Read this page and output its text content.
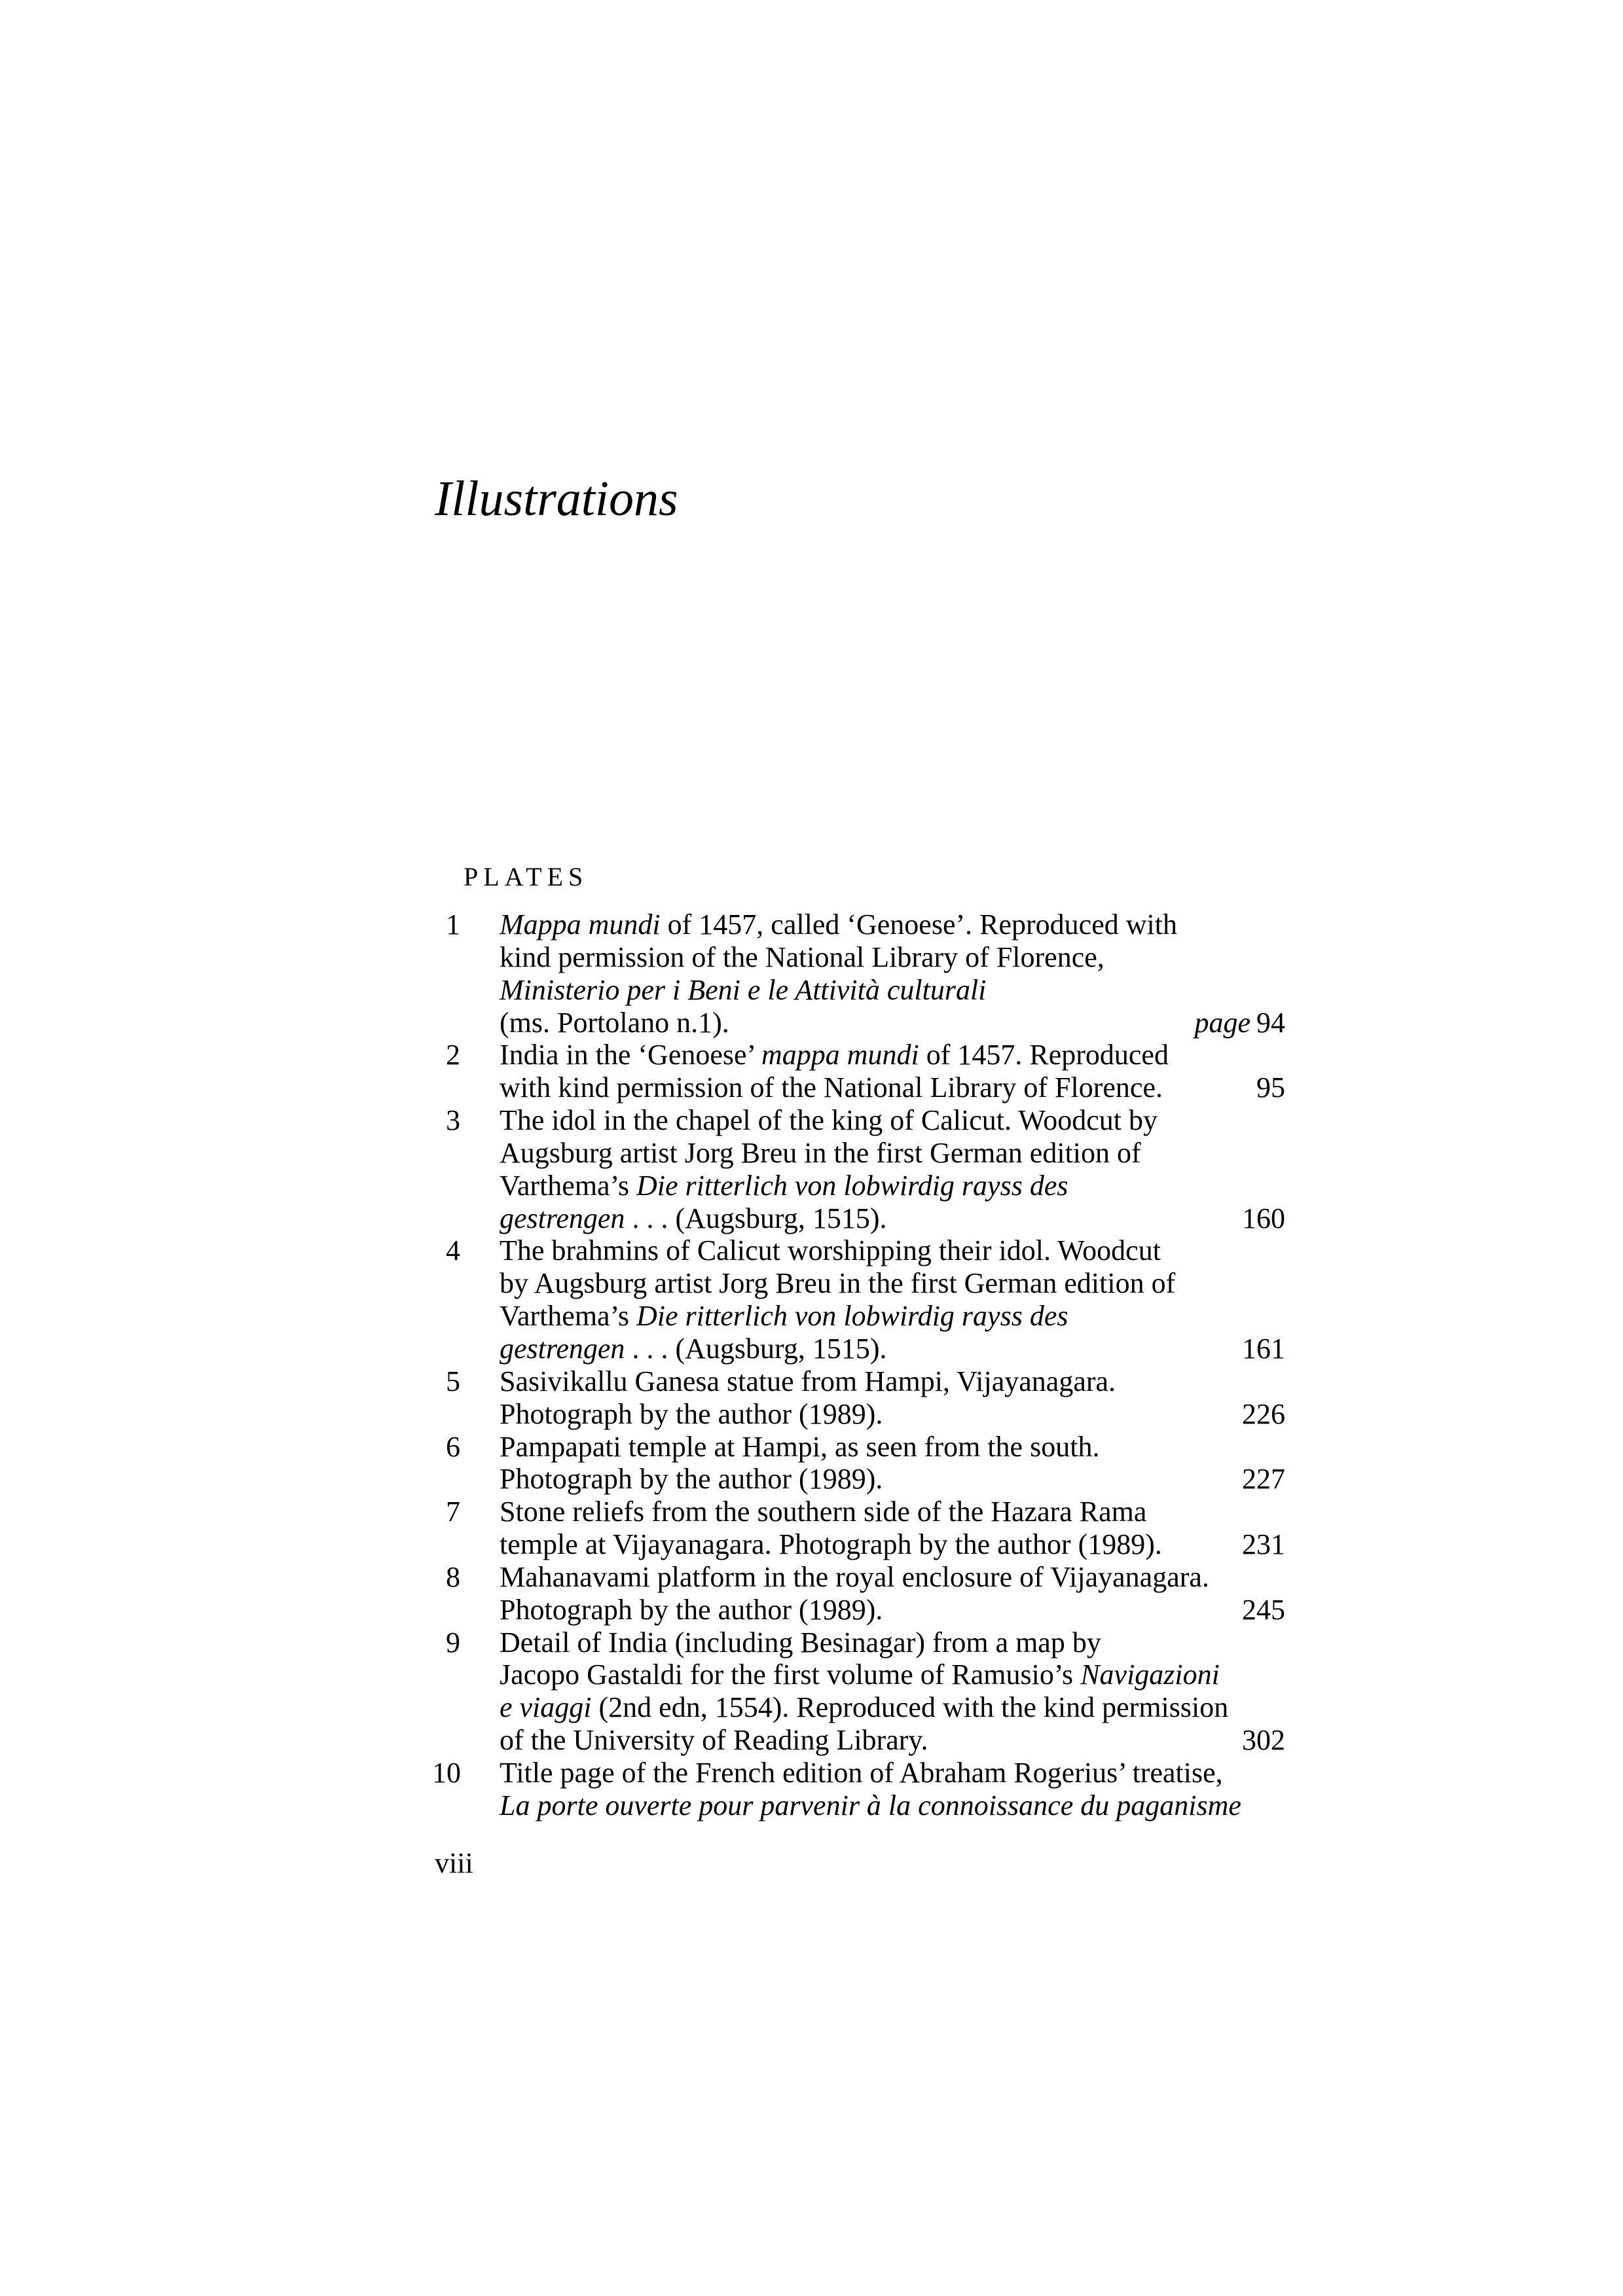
Illustrations
PLATES
1 Mappa mundi of 1457, called ‘Genoese’. Reproduced with
kind permission of the National Library of Florence,
Ministerio per i Beni e le Attività culturali
(ms. Portolano n.1).	page 94
2 India in the ‘Genoese’ mappa mundi of 1457. Reproduced
with kind permission of the National Library of Florence.	95
3 The idol in the chapel of the king of Calicut. Woodcut by
Augsburg artist Jorg Breu in the first German edition of
Varthema’s Die ritterlich von lobwirdig rayss des
gestrengen . . . (Augsburg, 1515).	160
4 The brahmins of Calicut worshipping their idol. Woodcut
by Augsburg artist Jorg Breu in the first German edition of
Varthema’s Die ritterlich von lobwirdig rayss des
gestrengen . . . (Augsburg, 1515).	161
5 Sasivikallu Ganesa statue from Hampi, Vijayanagara.
Photograph by the author (1989).	226
6 Pampapati temple at Hampi, as seen from the south.
Photograph by the author (1989).	227
7 Stone reliefs from the southern side of the Hazara Rama
temple at Vijayanagara. Photograph by the author (1989).	231
8 Mahanavami platform in the royal enclosure of Vijayanagara.
Photograph by the author (1989).	245
9 Detail of India (including Besinagar) from a map by
Jacopo Gastaldi for the first volume of Ramusio’s Navigazioni
e viaggi (2nd edn, 1554). Reproduced with the kind permission
of the University of Reading Library.	302
10 Title page of the French edition of Abraham Rogerius’ treatise,
La porte ouverte pour parvenir à la connoissance du paganisme
viii
